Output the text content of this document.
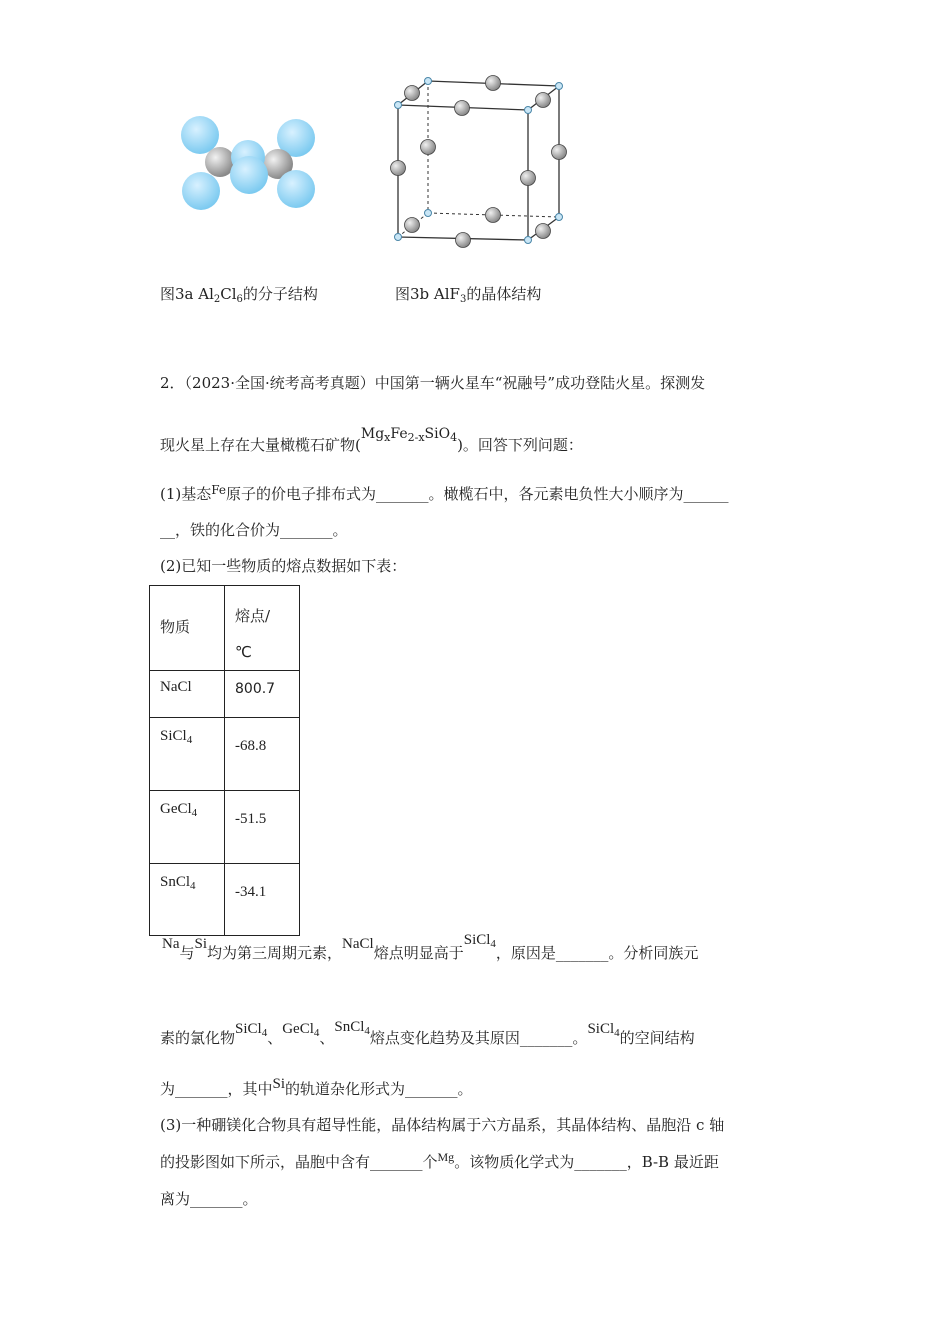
图3a $Al_2Cl_6$的分子结构	图3b AlF$_3$的晶体结构
2．（2023·全国·统考高考真题）中国第一辆火星车“祝融号”成功登陆火星。探测发
现火星上存在大量橄榄石矿物$(Mg_xFe_{2-x}SiO_4)$。回答下列问题：
(1)基态$^{Fe}$原子的价电子排布式为_______。橄榄石中，各元素电负性大小顺序为______
__，铁的化合价为_______。
(2)已知一些物质的熔点数据如下表：
物质	熔点/
℃

NaCl	800.7
SiCl$_4$	-68.8
GeCl$_4$	-51.5
SnCl$_4$	-34.1
Na与Si均为第三周期元素，NaCl熔点明显高于SiCl$_4$，原因是_______。分析同族元
素的氯化物SiCl$_4$、GeCl$_4$、SnCl$_4$熔点变化趋势及其原因_______。SiCl$_4$的空间结构
为_______，其中Si的轨道杂化形式为_______。
(3)一种硼镁化合物具有超导性能，晶体结构属于六方晶系，其晶体结构、晶胞沿 c 轴
的投影图如下所示，晶胞中含有_______个$^{Mg}$。该物质化学式为_______，B-B 最近距
离为_______。
